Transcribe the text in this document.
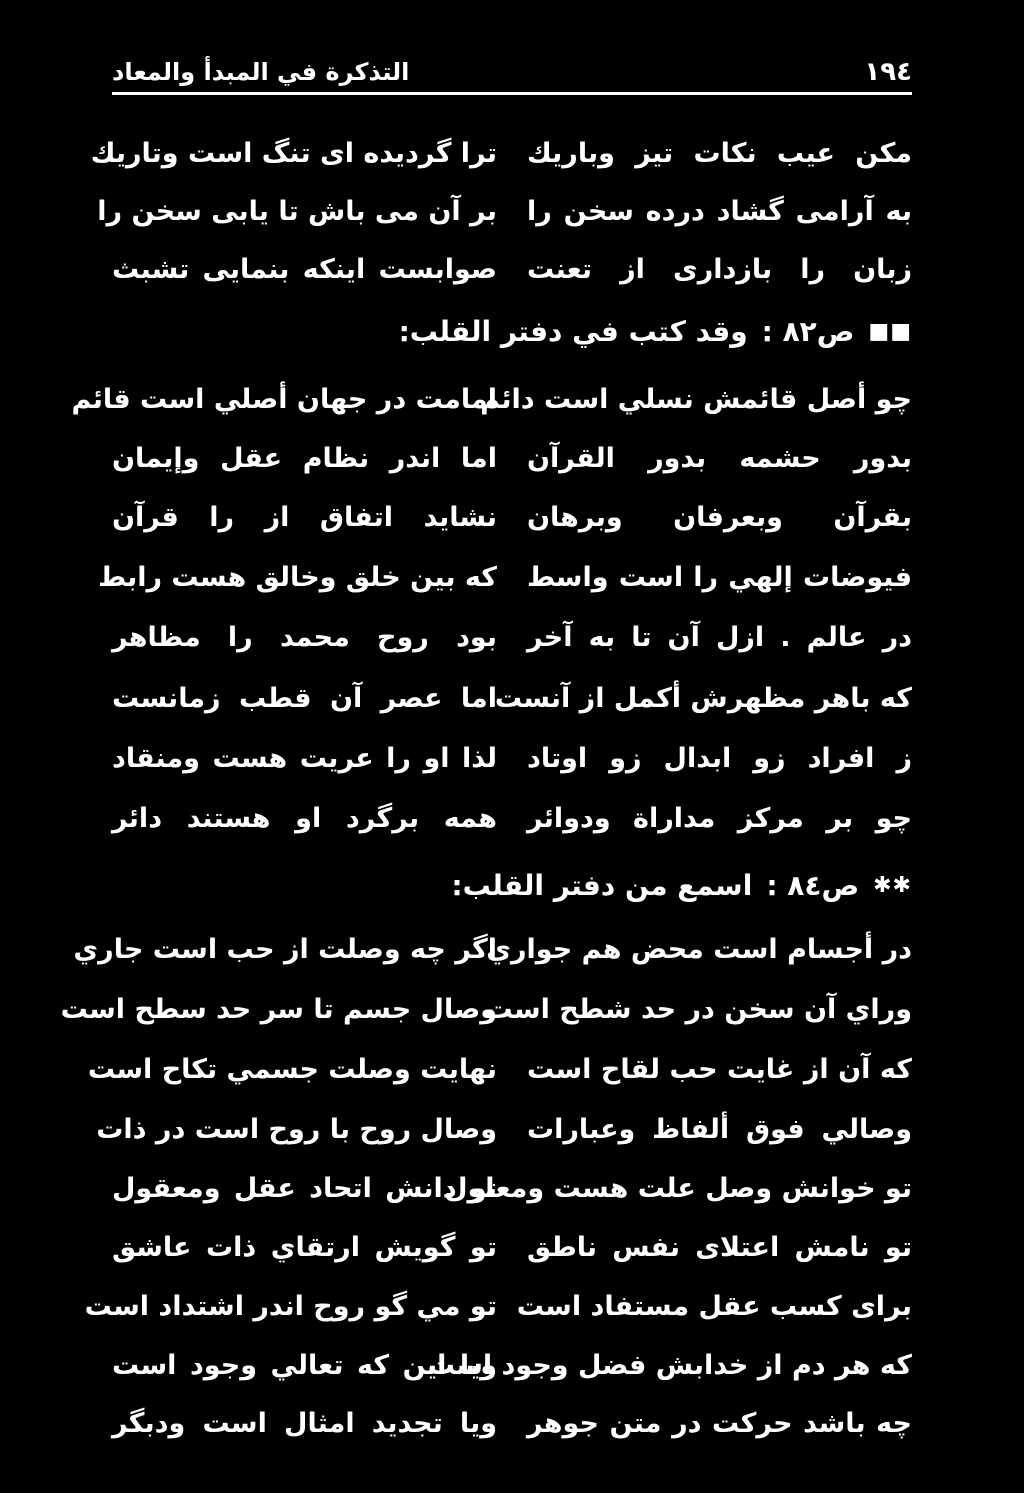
التذكرة في المبدأ والمعاد	١٩٤
ترا گرديده ای تنگ است وتاريك مكن عيب نكات تيز وباريك
بر آن می باش تا يابی سخن را به آرامی گشاد درده سخن را
صوابست اينكه بنمايی تشبث زبان را بازداری از تعنت
■■
ص٨٢ :
وقد كتب في دفتر القلب:
امامت در جهان أصلي است قائم
چو أصل قائمش نسلي است دائم
اما اندر نظام عقل وإيمان بدور حشمه بدور القرآن
نشايد اتفاق از را قرآن بقرآن وبعرفان وبرهان
كه بين خلق وخالق هست رابط فيوضات إلهي را است واسط
بود روح محمد را مظاهر در عالم . ازل آن تا به آخر
اما عصر آن قطب زمانست
كه باهر مظهرش أكمل از آنست
لذا او را عريت هست ومنقاد ز افراد زو ابدال زو اوتاد
همه برگرد او هستند دائر چو بر مركز مداراة ودوائر
✱✱
ص٨٤ :
اسمع من دفتر القلب:
اگر چه وصلت از حب است جاري
در أجسام است محض هم جواري
وصال جسم تا سر حد سطح است
وراي آن سخن در حد شطح است
نهايت وصلت جسمي تكاح است كه آن از غايت حب لقاح است
وصال روح با روح است در ذات وصالي فوق ألفاظ وعبارات
تو دانش اتحاد عقل ومعقول
تو خوانش وصل علت هست ومعلول
تو گويش ارتقاي ذات عاشق تو نامش اعتلاى نفس ناطق
تو مي گو روح اندر اشتداد است براى كسب عقل مستفاد است
ويا اين كه تعالي وجود است
كه هر دم از خدابش فضل وجود است
ويا تجديد امثال است ودبگر چه باشد حركت در متن جوهر
